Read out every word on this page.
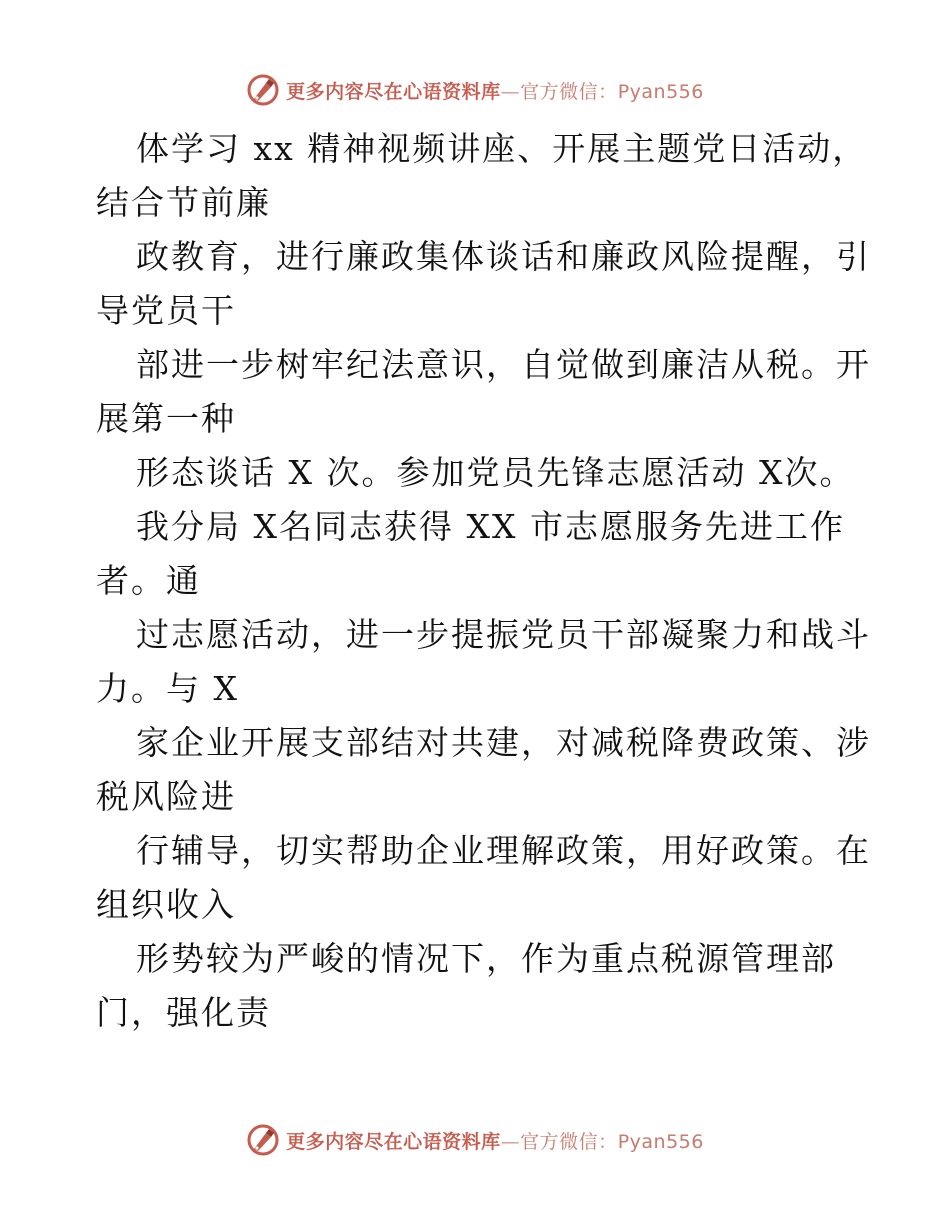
更多内容尽在心语资料库—官方微信：Pyan556

体学习 xx 精神视频讲座、开展主题党日活动，
结合节前廉

政教育，进行廉政集体谈话和廉政风险提醒，引
导党员干

部进一步树牢纪法意识，自觉做到廉洁从税。开
展第一种

形态谈话 X 次。参加党员先锋志愿活动 X次。

我分局 X名同志获得 XX 市志愿服务先进工作
者。通

过志愿活动，进一步提振党员干部凝聚力和战斗
力。与 X

家企业开展支部结对共建，对减税降费政策、涉
税风险进

行辅导，切实帮助企业理解政策，用好政策。在
组织收入

形势较为严峻的情况下，作为重点税源管理部
门，强化责

更多内容尽在心语资料库—官方微信：Pyan556
